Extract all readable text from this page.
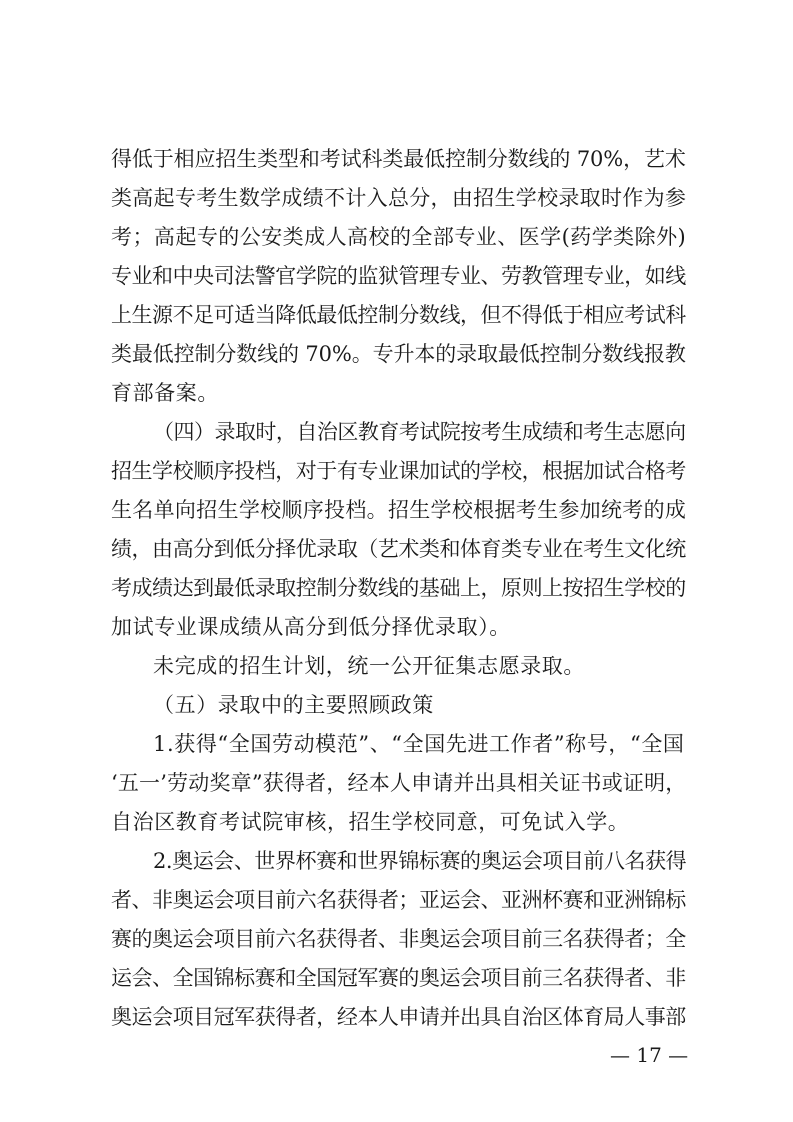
得低于相应招生类型和考试科类最低控制分数线的 70%，艺术
类高起专考生数学成绩不计入总分，由招生学校录取时作为参
考；高起专的公安类成人高校的全部专业、医学(药学类除外)
专业和中央司法警官学院的监狱管理专业、劳教管理专业，如线
上生源不足可适当降低最低控制分数线，但不得低于相应考试科
类最低控制分数线的 70%。专升本的录取最低控制分数线报教
育部备案。
（四）录取时，自治区教育考试院按考生成绩和考生志愿向
招生学校顺序投档，对于有专业课加试的学校，根据加试合格考
生名单向招生学校顺序投档。招生学校根据考生参加统考的成
绩，由高分到低分择优录取（艺术类和体育类专业在考生文化统
考成绩达到最低录取控制分数线的基础上，原则上按招生学校的
加试专业课成绩从高分到低分择优录取）。
未完成的招生计划，统一公开征集志愿录取。
（五）录取中的主要照顾政策
1.获得“全国劳动模范”、“全国先进工作者”称号，“全国
‘五一’劳动奖章”获得者，经本人申请并出具相关证书或证明，
自治区教育考试院审核，招生学校同意，可免试入学。
2.奥运会、世界杯赛和世界锦标赛的奥运会项目前八名获得
者、非奥运会项目前六名获得者；亚运会、亚洲杯赛和亚洲锦标
赛的奥运会项目前六名获得者、非奥运会项目前三名获得者；全
运会、全国锦标赛和全国冠军赛的奥运会项目前三名获得者、非
奥运会项目冠军获得者，经本人申请并出具自治区体育局人事部
— 17 —
